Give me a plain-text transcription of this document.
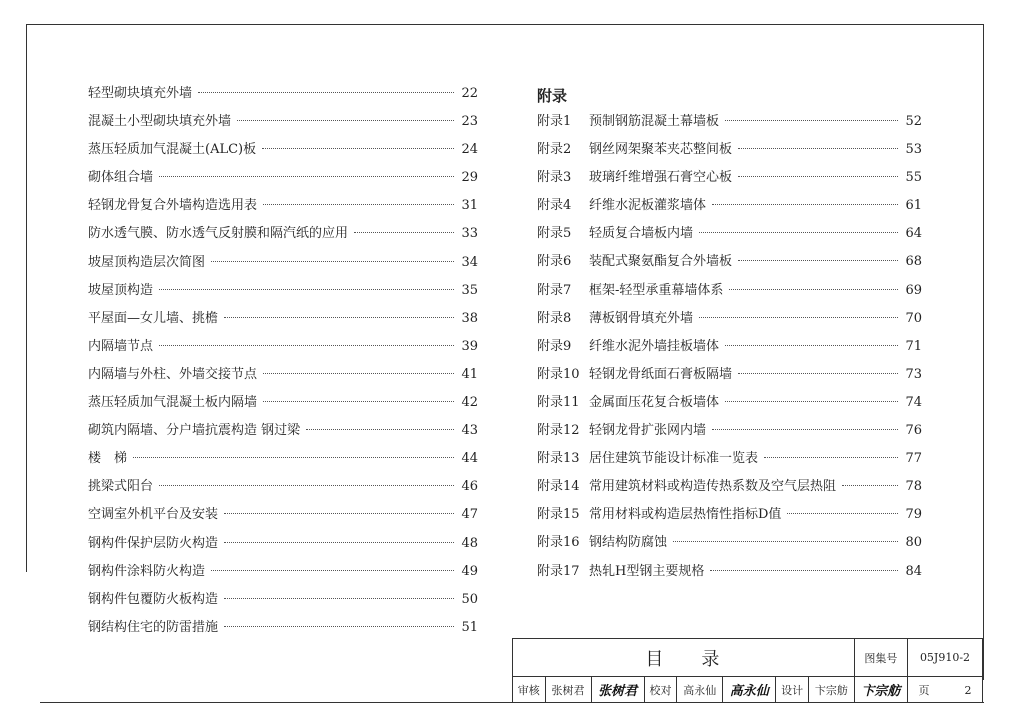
轻型砌块填充外墙	22
混凝土小型砌块填充外墙	23
蒸压轻质加气混凝土(ALC)板	24
砌体组合墙	29
轻钢龙骨复合外墙构造选用表	31
防水透气膜、防水透气反射膜和隔汽纸的应用	33
坡屋顶构造层次简图	34
坡屋顶构造	35
平屋面—女儿墙、挑檐	38
内隔墙节点	39
内隔墙与外柱、外墙交接节点	41
蒸压轻质加气混凝土板内隔墙	42
砌筑内隔墙、分户墙抗震构造 钢过梁	43
楼　梯	44
挑梁式阳台	46
空调室外机平台及安装	47
钢构件保护层防火构造	48
钢构件涂料防火构造	49
钢构件包覆防火板构造	50
钢结构住宅的防雷措施	51
附录
附录1	预制钢筋混凝土幕墙板	52
附录2	钢丝网架聚苯夹芯整间板	53
附录3	玻璃纤维增强石膏空心板	55
附录4	纤维水泥板灌浆墙体	61
附录5	轻质复合墙板内墙	64
附录6	装配式聚氨酯复合外墙板	68
附录7	框架-轻型承重幕墙体系	69
附录8	薄板钢骨填充外墙	70
附录9	纤维水泥外墙挂板墙体	71
附录10 轻钢龙骨纸面石膏板隔墙	73
附录11 金属面压花复合板墙体	74
附录12 轻钢龙骨扩张网内墙	76
附录13 居住建筑节能设计标准一览表	77
附录14 常用建筑材料或构造传热系数及空气层热阻	78
附录15 常用材料或构造层热惰性指标D值	79
附录16 钢结构防腐蚀	80
附录17 热轧H型钢主要规格	84
目录								图集号	05J910-2
审核	张树君	张树君	校对	高永仙	高永仙	设计	卞宗舫	卞宗舫	页 2
